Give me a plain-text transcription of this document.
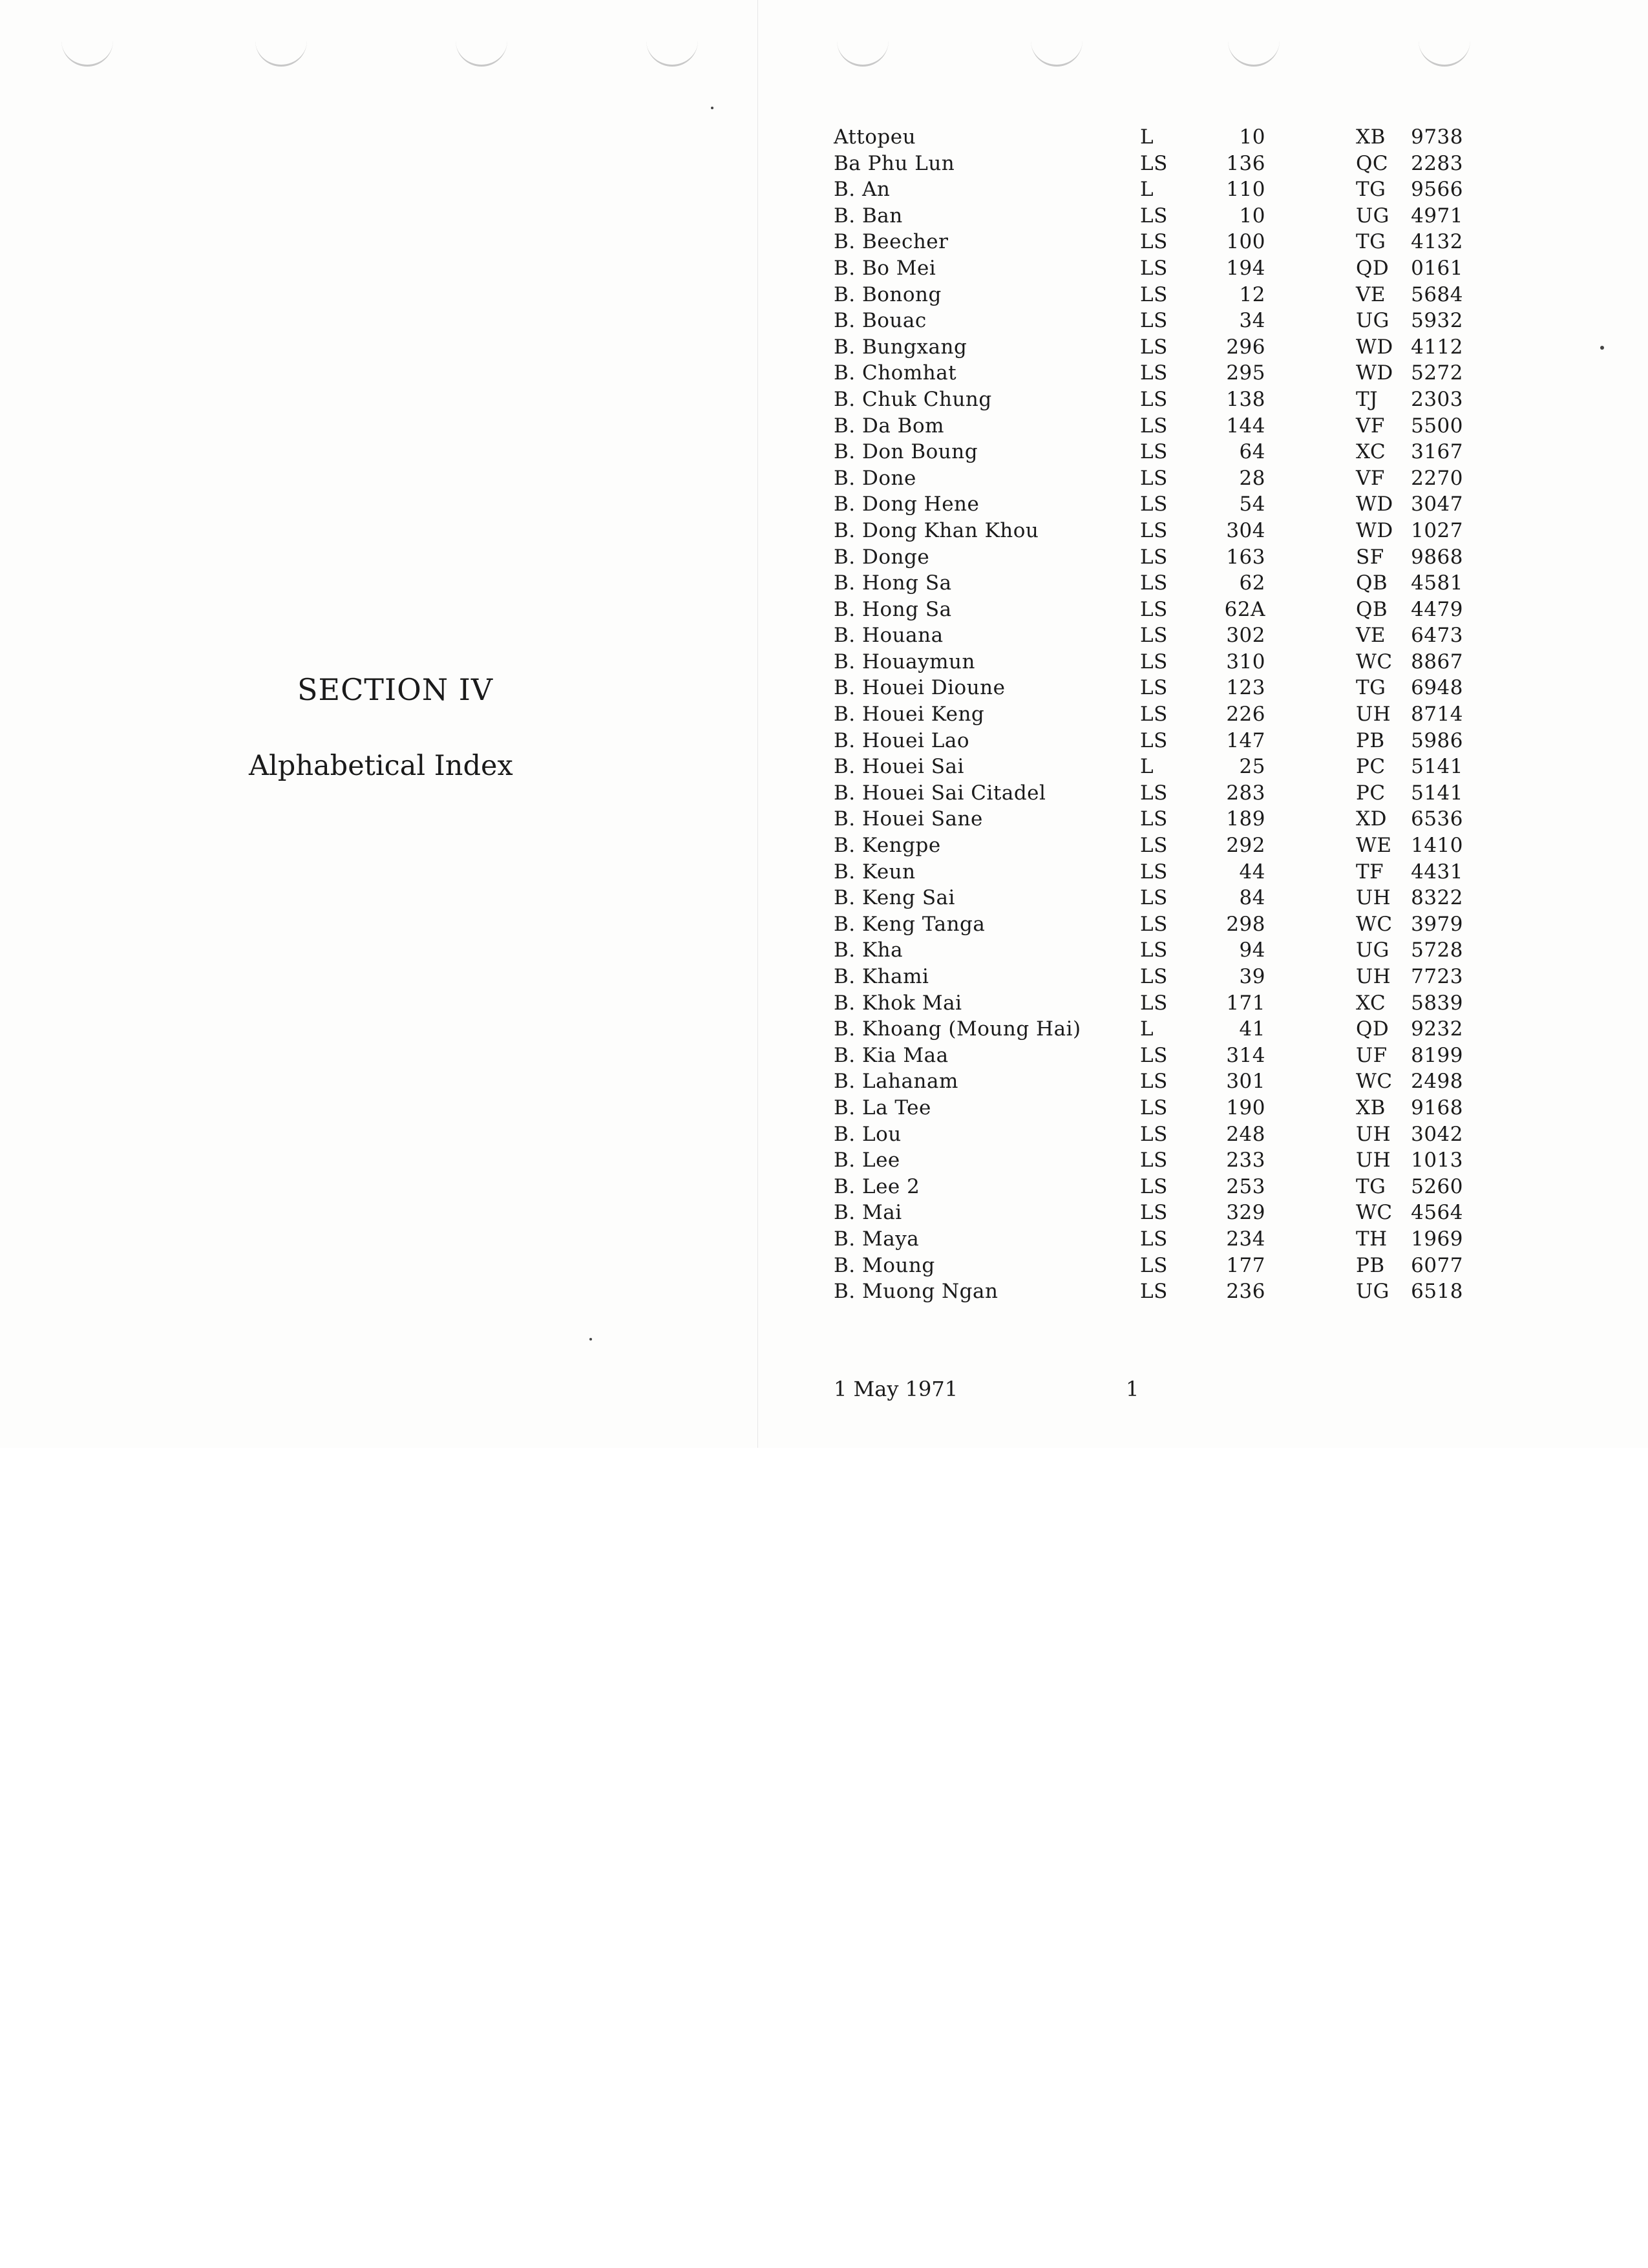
SECTION IV
Alphabetical Index
Attopeu	L	10	XB	9738
Ba Phu Lun	LS	136	QC	2283
B. An	L	110	TG	9566
B. Ban	LS	10	UG	4971
B. Beecher	LS	100	TG	4132
B. Bo Mei	LS	194	QD	0161
B. Bonong	LS	12	VE	5684
B. Bouac	LS	34	UG	5932
B. Bungxang	LS	296	WD	4112
B. Chomhat	LS	295	WD	5272
B. Chuk Chung	LS	138	TJ	2303
B. Da Bom	LS	144	VF	5500
B. Don Boung	LS	64	XC	3167
B. Done	LS	28	VF	2270
B. Dong Hene	LS	54	WD	3047
B. Dong Khan Khou	LS	304	WD	1027
B. Donge	LS	163	SF	9868
B. Hong Sa	LS	62	QB	4581
B. Hong Sa	LS	62A	QB	4479
B. Houana	LS	302	VE	6473
B. Houaymun	LS	310	WC	8867
B. Houei Dioune	LS	123	TG	6948
B. Houei Keng	LS	226	UH	8714
B. Houei Lao	LS	147	PB	5986
B. Houei Sai	L	25	PC	5141
B. Houei Sai Citadel	LS	283	PC	5141
B. Houei Sane	LS	189	XD	6536
B. Kengpe	LS	292	WE	1410
B. Keun	LS	44	TF	4431
B. Keng Sai	LS	84	UH	8322
B. Keng Tanga	LS	298	WC	3979
B. Kha	LS	94	UG	5728
B. Khami	LS	39	UH	7723
B. Khok Mai	LS	171	XC	5839
B. Khoang (Moung Hai)	L	41	QD	9232
B. Kia Maa	LS	314	UF	8199
B. Lahanam	LS	301	WC	2498
B. La Tee	LS	190	XB	9168
B. Lou	LS	248	UH	3042
B. Lee	LS	233	UH	1013
B. Lee 2	LS	253	TG	5260
B. Mai	LS	329	WC	4564
B. Maya	LS	234	TH	1969
B. Moung	LS	177	PB	6077
B. Muong Ngan	LS	236	UG	6518
1 May 1971	1
